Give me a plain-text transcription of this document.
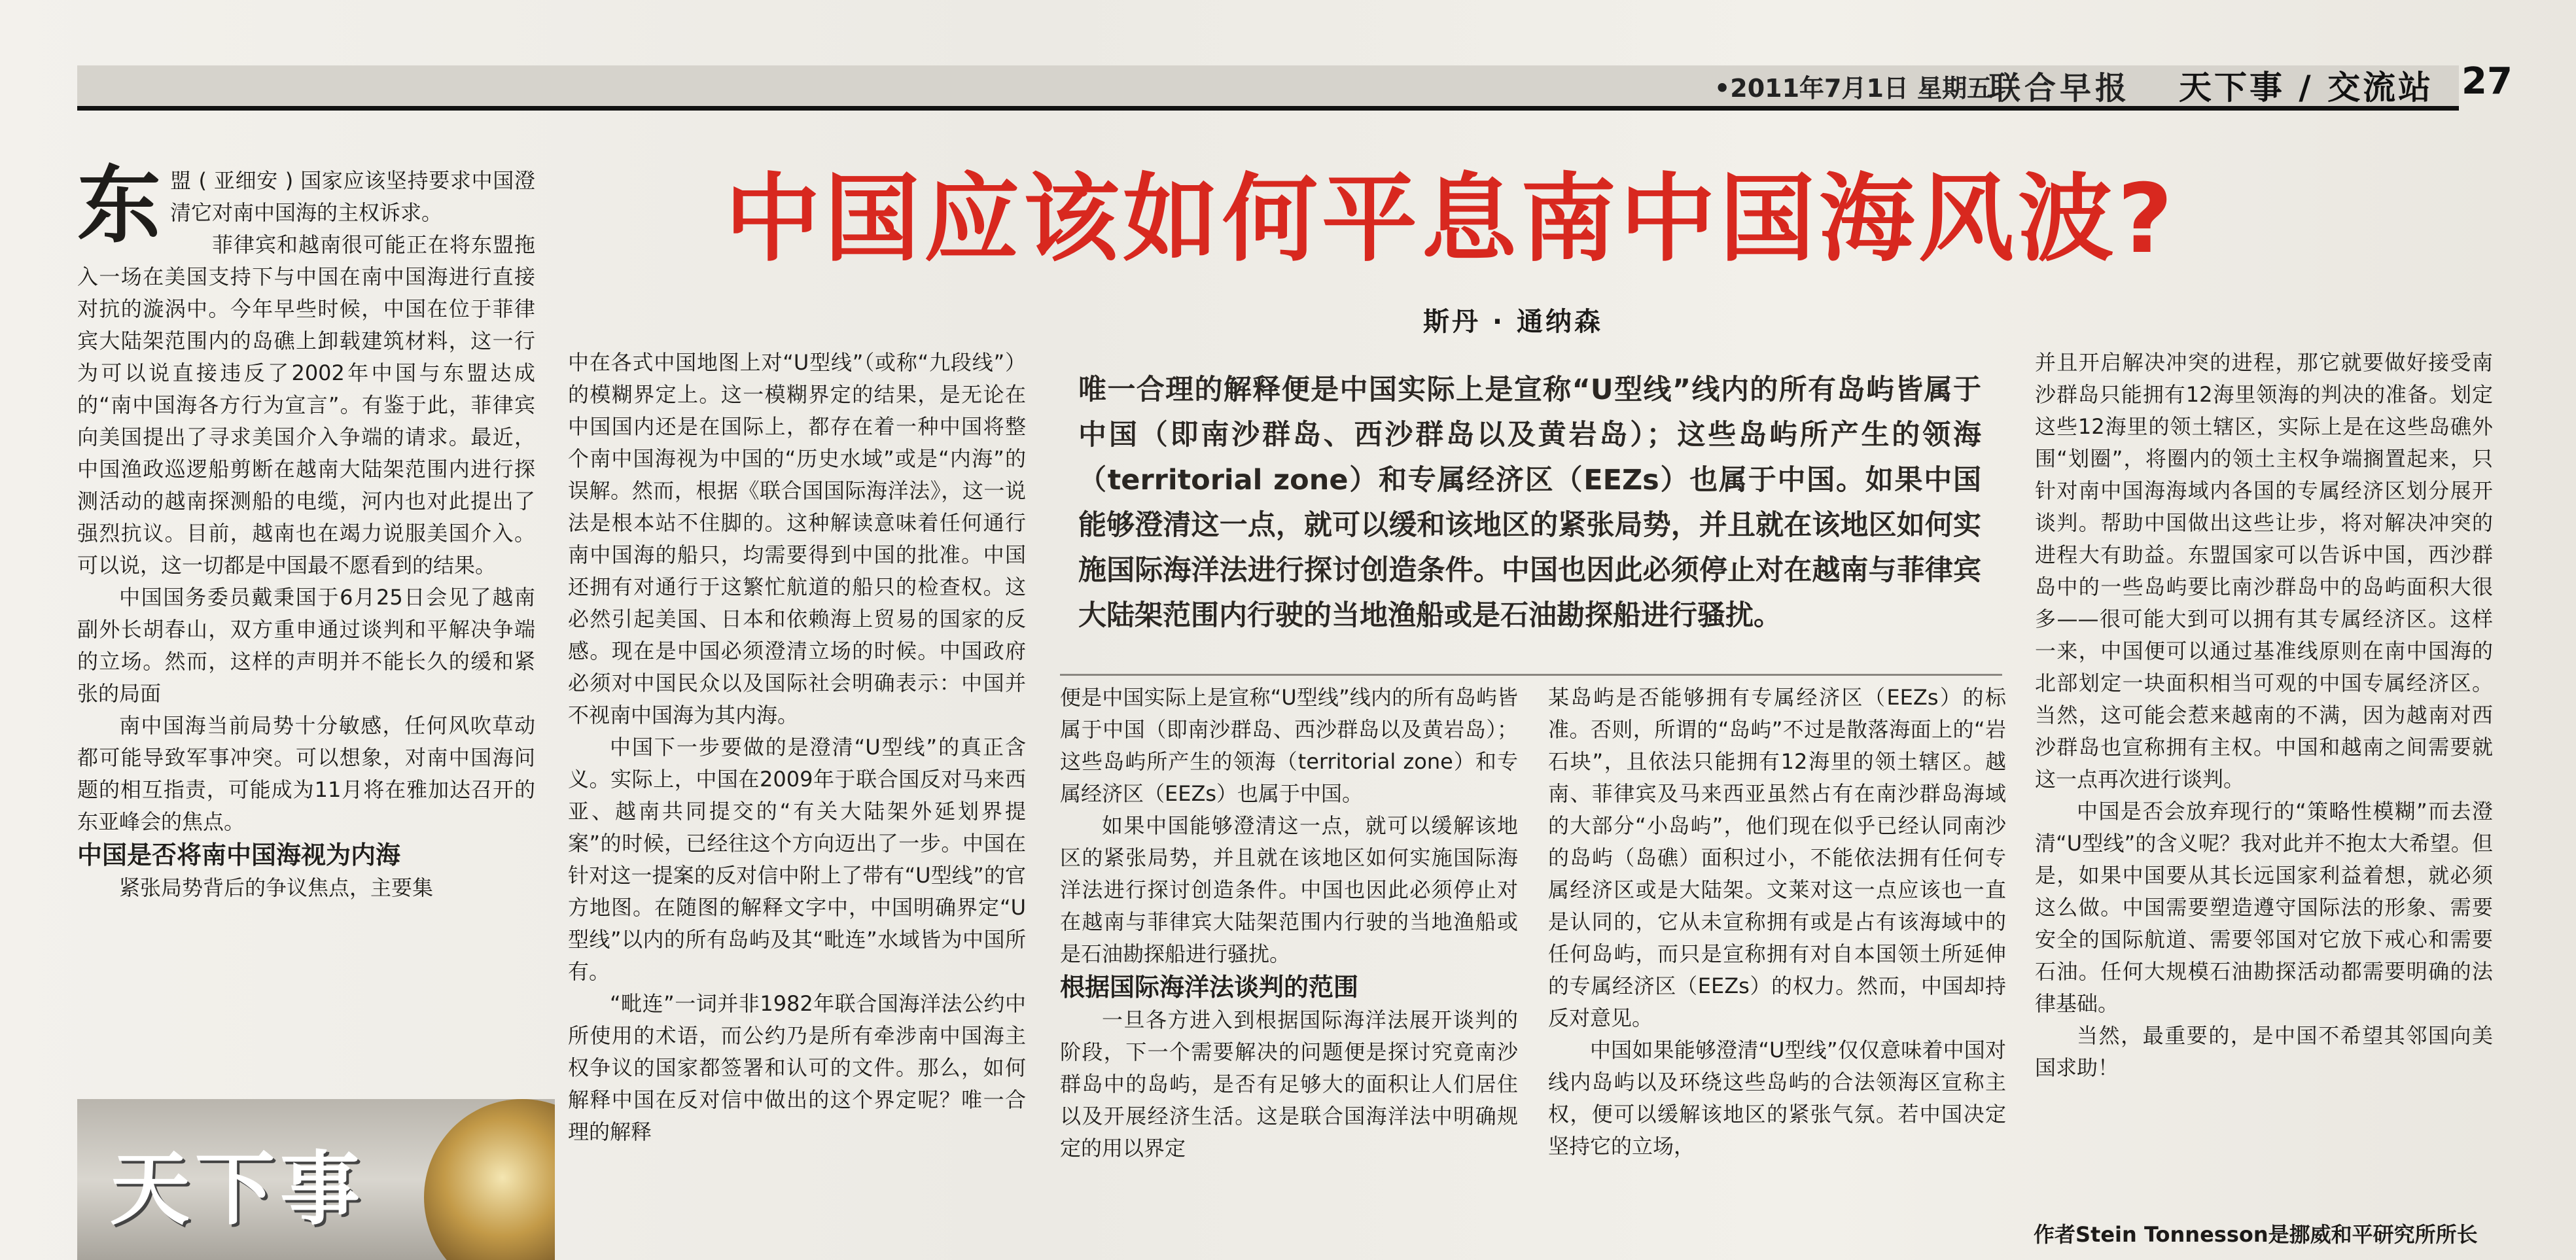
•2011年7月1日 星期五
联合早报 天下事 / 交流站 27
中国应该如何平息南中国海风波?
斯丹 · 通纳森

东 盟 ( 亚细安 ) 国家应该坚持要求中国澄清它对南中国海的主权诉求。

菲律宾和越南很可能正在将东盟拖入一场在美国支持下与中国在南中国海进行直接对抗的漩涡中。今年早些时候，中国在位于菲律宾大陆架范围内的岛礁上卸载建筑材料，这一行为可以说直接违反了2002年中国与东盟达成的“南中国海各方行为宣言”。有鉴于此，菲律宾向美国提出了寻求美国介入争端的请求。最近，中国渔政巡逻船剪断在越南大陆架范围内进行探测活动的越南探测船的电缆，河内也对此提出了强烈抗议。目前，越南也在竭力说服美国介入。可以说，这一切都是中国最不愿看到的结果。

中国国务委员戴秉国于6月25日会见了越南副外长胡春山，双方重申通过谈判和平解决争端的立场。然而，这样的声明并不能长久的缓和紧张的局面

南中国海当前局势十分敏感，任何风吹草动都可能导致军事冲突。可以想象，对南中国海问题的相互指责，可能成为11月将在雅加达召开的东亚峰会的焦点。

中国是否将南中国海视为内海

紧张局势背后的争议焦点，主要集

天下事

中在各式中国地图上对“U型线”（或称“九段线”）的模糊界定上。这一模糊界定的结果，是无论在中国国内还是在国际上，都存在着一种中国将整个南中国海视为中国的“历史水域”或是“内海”的误解。然而，根据《联合国国际海洋法》，这一说法是根本站不住脚的。这种解读意味着任何通行南中国海的船只，均需要得到中国的批准。中国还拥有对通行于这繁忙航道的船只的检查权。这必然引起美国、日本和依赖海上贸易的国家的反感。现在是中国必须澄清立场的时候。中国政府必须对中国民众以及国际社会明确表示：中国并不视南中国海为其内海。

中国下一步要做的是澄清“U型线”的真正含义。实际上，中国在2009年于联合国反对马来西亚、越南共同提交的“有关大陆架外延划界提案”的时候，已经往这个方向迈出了一步。中国在针对这一提案的反对信中附上了带有“U型线”的官方地图。在随图的解释文字中，中国明确界定“U型线”以内的所有岛屿及其“毗连”水域皆为中国所有。

“毗连”一词并非1982年联合国海洋法公约中所使用的术语，而公约乃是所有牵涉南中国海主权争议的国家都签署和认可的文件。那么，如何解释中国在反对信中做出的这个界定呢？唯一合理的解释

唯一合理的解释便是中国实际上是宣称“U型线”线内的所有岛屿皆属于中国（即南沙群岛、西沙群岛以及黄岩岛）；这些岛屿所产生的领海（territorial zone）和专属经济区（EEZs）也属于中国。如果中国能够澄清这一点，就可以缓和该地区的紧张局势，并且就在该地区如何实施国际海洋法进行探讨创造条件。中国也因此必须停止对在越南与菲律宾大陆架范围内行驶的当地渔船或是石油勘探船进行骚扰。

便是中国实际上是宣称“U型线”线内的所有岛屿皆属于中国（即南沙群岛、西沙群岛以及黄岩岛）；这些岛屿所产生的领海（territorial zone）和专属经济区（EEZs）也属于中国。

如果中国能够澄清这一点，就可以缓解该地区的紧张局势，并且就在该地区如何实施国际海洋法进行探讨创造条件。中国也因此必须停止对在越南与菲律宾大陆架范围内行驶的当地渔船或是石油勘探船进行骚扰。

根据国际海洋法谈判的范围

一旦各方进入到根据国际海洋法展开谈判的阶段，下一个需要解决的问题便是探讨究竟南沙群岛中的岛屿，是否有足够大的面积让人们居住以及开展经济生活。这是联合国海洋法中明确规定的用以界定

某岛屿是否能够拥有专属经济区（EEZs）的标准。否则，所谓的“岛屿”不过是散落海面上的“岩石块”，且依法只能拥有12海里的领土辖区。越南、菲律宾及马来西亚虽然占有在南沙群岛海域的大部分“小岛屿”，他们现在似乎已经认同南沙的岛屿（岛礁）面积过小，不能依法拥有任何专属经济区或是大陆架。文莱对这一点应该也一直是认同的，它从未宣称拥有或是占有该海域中的任何岛屿，而只是宣称拥有对自本国领土所延伸的专属经济区（EEZs）的权力。然而，中国却持反对意见。

中国如果能够澄清“U型线”仅仅意味着中国对线内岛屿以及环绕这些岛屿的合法领海区宣称主权，便可以缓解该地区的紧张气氛。若中国决定坚持它的立场，

并且开启解决冲突的进程，那它就要做好接受南沙群岛只能拥有12海里领海的判决的准备。划定这些12海里的领土辖区，实际上是在这些岛礁外围“划圈”，将圈内的领土主权争端搁置起来，只针对南中国海海域内各国的专属经济区划分展开谈判。帮助中国做出这些让步，将对解决冲突的进程大有助益。东盟国家可以告诉中国，西沙群岛中的一些岛屿要比南沙群岛中的岛屿面积大很多——很可能大到可以拥有其专属经济区。这样一来，中国便可以通过基准线原则在南中国海的北部划定一块面积相当可观的中国专属经济区。当然，这可能会惹来越南的不满，因为越南对西沙群岛也宣称拥有主权。中国和越南之间需要就这一点再次进行谈判。

中国是否会放弃现行的“策略性模糊”而去澄清“U型线”的含义呢？我对此并不抱太大希望。但是，如果中国要从其长远国家利益着想，就必须这么做。中国需要塑造遵守国际法的形象、需要安全的国际航道、需要邻国对它放下戒心和需要石油。任何大规模石油勘探活动都需要明确的法律基础。

当然，最重要的，是中国不希望其邻国向美国求助！

作者Stein Tonnesson是挪威和平研究所所长
